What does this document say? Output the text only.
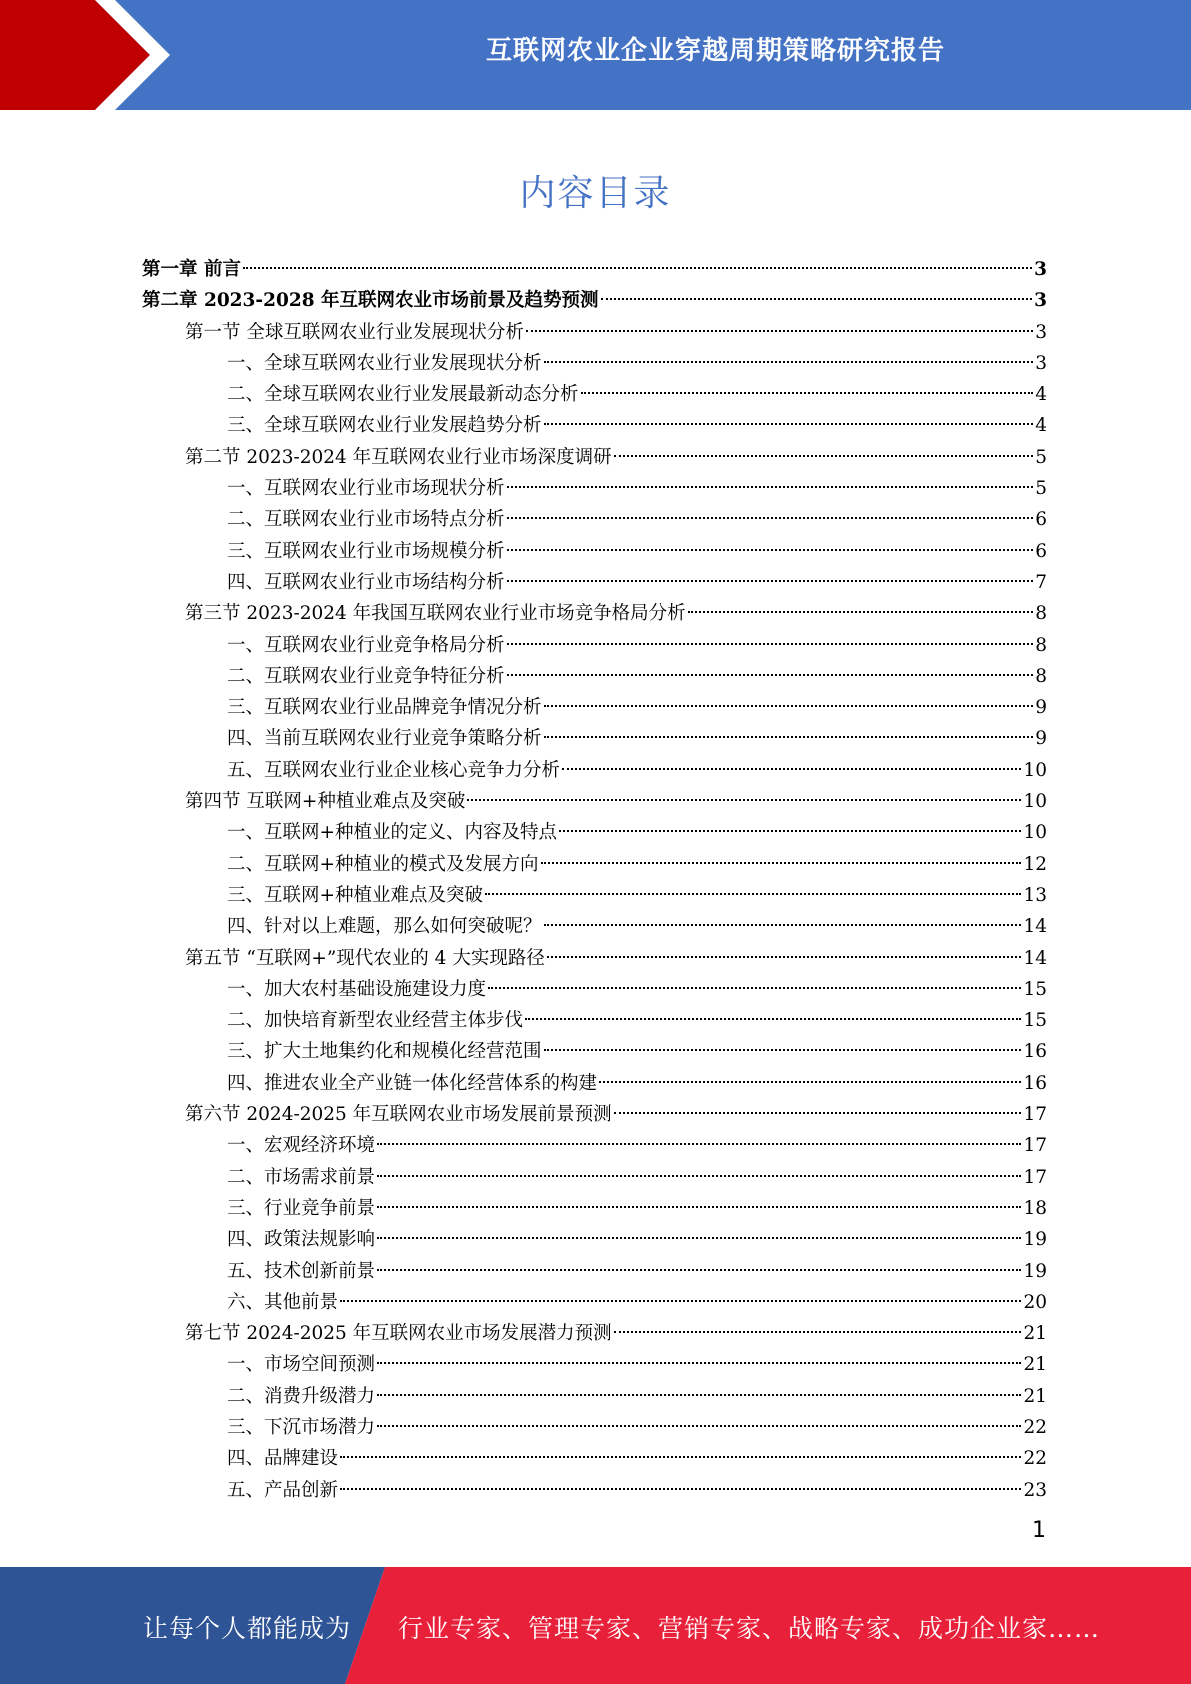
互联网农业企业穿越周期策略研究报告
内容目录
第一章 前言	3
第二章 2023-2028 年互联网农业市场前景及趋势预测	3
第一节 全球互联网农业行业发展现状分析	3
一、全球互联网农业行业发展现状分析	3
二、全球互联网农业行业发展最新动态分析	4
三、全球互联网农业行业发展趋势分析	4
第二节 2023-2024 年互联网农业行业市场深度调研	5
一、互联网农业行业市场现状分析	5
二、互联网农业行业市场特点分析	6
三、互联网农业行业市场规模分析	6
四、互联网农业行业市场结构分析	7
第三节 2023-2024 年我国互联网农业行业市场竞争格局分析	8
一、互联网农业行业竞争格局分析	8
二、互联网农业行业竞争特征分析	8
三、互联网农业行业品牌竞争情况分析	9
四、当前互联网农业行业竞争策略分析	9
五、互联网农业行业企业核心竞争力分析	10
第四节 互联网+种植业难点及突破	10
一、互联网+种植业的定义、内容及特点	10
二、互联网+种植业的模式及发展方向	12
三、互联网+种植业难点及突破	13
四、针对以上难题，那么如何突破呢？	14
第五节 “互联网+”现代农业的 4 大实现路径	14
一、加大农村基础设施建设力度	15
二、加快培育新型农业经营主体步伐	15
三、扩大土地集约化和规模化经营范围	16
四、推进农业全产业链一体化经营体系的构建	16
第六节 2024-2025 年互联网农业市场发展前景预测	17
一、宏观经济环境	17
二、市场需求前景	17
三、行业竞争前景	18
四、政策法规影响	19
五、技术创新前景	19
六、其他前景	20
第七节 2024-2025 年互联网农业市场发展潜力预测	21
一、市场空间预测	21
二、消费升级潜力	21
三、下沉市场潜力	22
四、品牌建设	22
五、产品创新	23
1
让每个人都能成为 行业专家、管理专家、营销专家、战略专家、成功企业家……
